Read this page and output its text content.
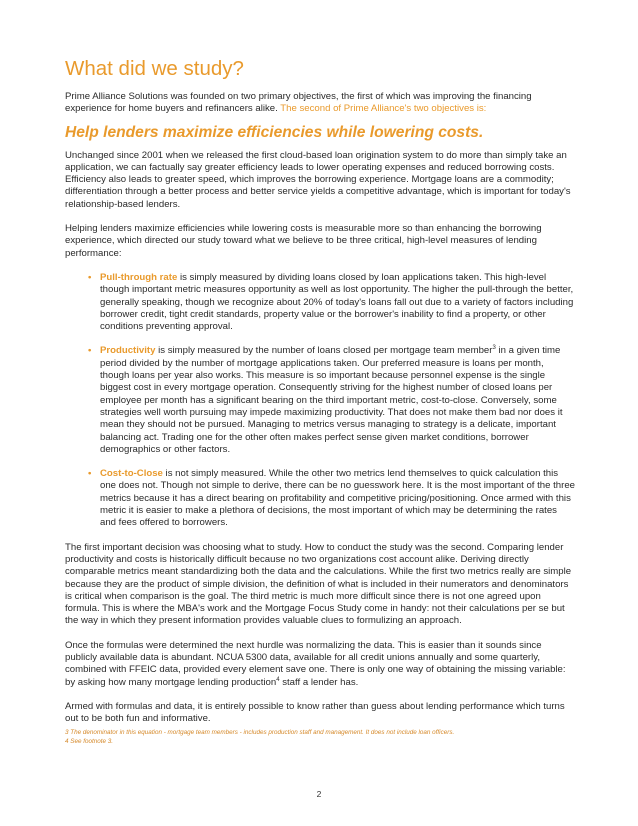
What did we study?

Prime Alliance Solutions was founded on two primary objectives, the first of which was improving the financing experience for home buyers and refinancers alike. The second of Prime Alliance's two objectives is:

Help lenders maximize efficiencies while lowering costs.

Unchanged since 2001 when we released the first cloud-based loan origination system to do more than simply take an application, we can factually say greater efficiency leads to lower operating expenses and reduced borrowing costs. Efficiency also leads to greater speed, which improves the borrowing experience. Mortgage loans are a commodity; differentiation through a better process and better service yields a competitive advantage, which is important for today's relationship-based lenders.

Helping lenders maximize efficiencies while lowering costs is measurable more so than enhancing the borrowing experience, which directed our study toward what we believe to be three critical, high-level measures of lending performance:

• Pull-through rate is simply measured by dividing loans closed by loan applications taken. This high-level though important metric measures opportunity as well as lost opportunity. The higher the pull-through the better, generally speaking, though we recognize about 20% of today's loans fall out due to a variety of factors including borrower credit, tight credit standards, property value or the borrower's inability to find a property, or other conditions preventing approval.
• Productivity is simply measured by the number of loans closed per mortgage team member$^3$ in a given time period divided by the number of mortgage applications taken. Our preferred measure is loans per month, though loans per year also works. This measure is so important because personnel expense is the single biggest cost in every mortgage operation. Consequently striving for the highest number of closed loans per employee per month has a significant bearing on the third important metric, cost-to-close. Conversely, some strategies well worth pursuing may impede maximizing productivity. That does not make them bad nor does it mean they should not be pursued. Managing to metrics versus managing to strategy is a delicate, important balancing act. Trading one for the other often makes perfect sense given market conditions, borrower demographics or other factors.
• Cost-to-Close is not simply measured. While the other two metrics lend themselves to quick calculation this one does not. Though not simple to derive, there can be no guesswork here. It is the most important of the three metrics because it has a direct bearing on profitability and competitive pricing/positioning. Once armed with this metric it is easier to make a plethora of decisions, the most important of which may be determining the rates and fees offered to borrowers.

The first important decision was choosing what to study. How to conduct the study was the second. Comparing lender productivity and costs is historically difficult because no two organizations cost account alike. Deriving directly comparable metrics meant standardizing both the data and the calculations. While the first two metrics really are simple because they are the product of simple division, the definition of what is included in their numerators and denominators is critical when comparison is the goal. The third metric is much more difficult since there is not one agreed upon formula. This is where the MBA's work and the Mortgage Focus Study come in handy: not their calculations per se but the way in which they present information provides valuable clues to formulizing an approach.

Once the formulas were determined the next hurdle was normalizing the data. This is easier than it sounds since publicly available data is abundant. NCUA 5300 data, available for all credit unions annually and some quarterly, combined with FFEIC data, provided every element save one. There is only one way of obtaining the missing variable: by asking how many mortgage lending production$^4$ staff a lender has.

Armed with formulas and data, it is entirely possible to know rather than guess about lending performance which turns out to be both fun and informative.

3 The denominator in this equation - mortgage team members - includes production staff and management. It does not include loan officers.
4 See footnote 3.
2
